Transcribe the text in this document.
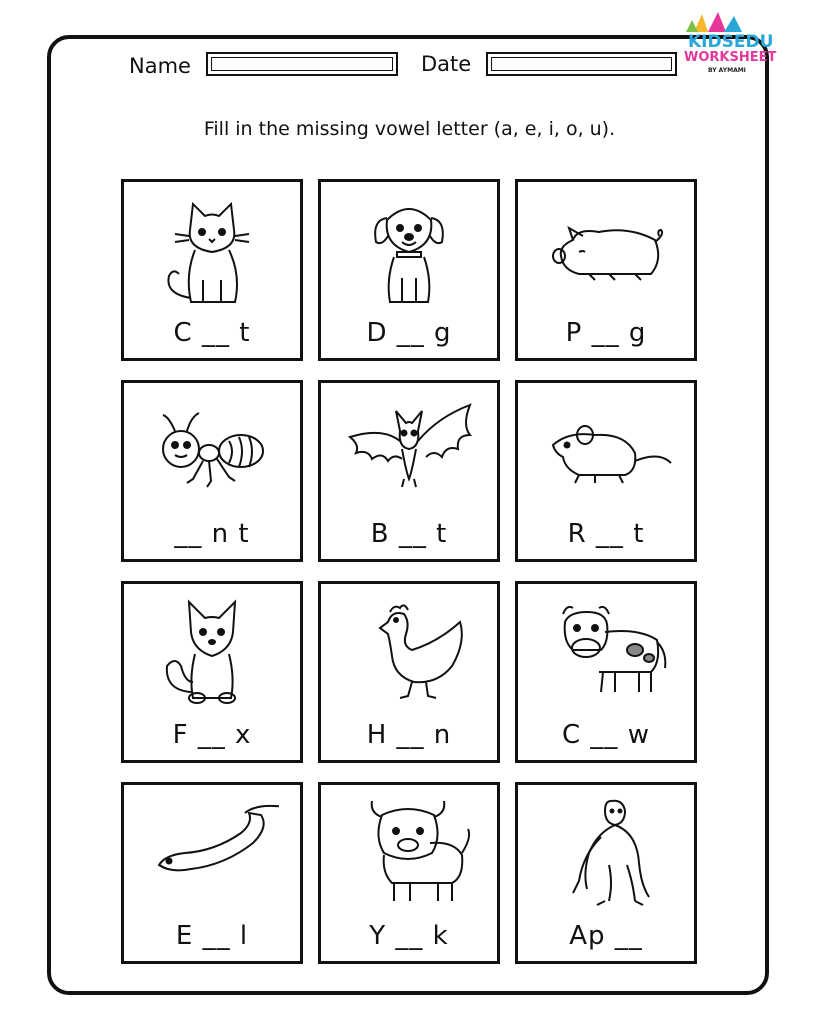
Name	Date
KIDSEDU
WORKSHEET
BY AYMAMI
Fill in the missing vowel letter (a, e, i, o, u).
C __ t	D __ g	P __ g
__ n t	B __ t	R __ t
F __ x	H __ n	C __ w
E __ l	Y __ k	Ap __
